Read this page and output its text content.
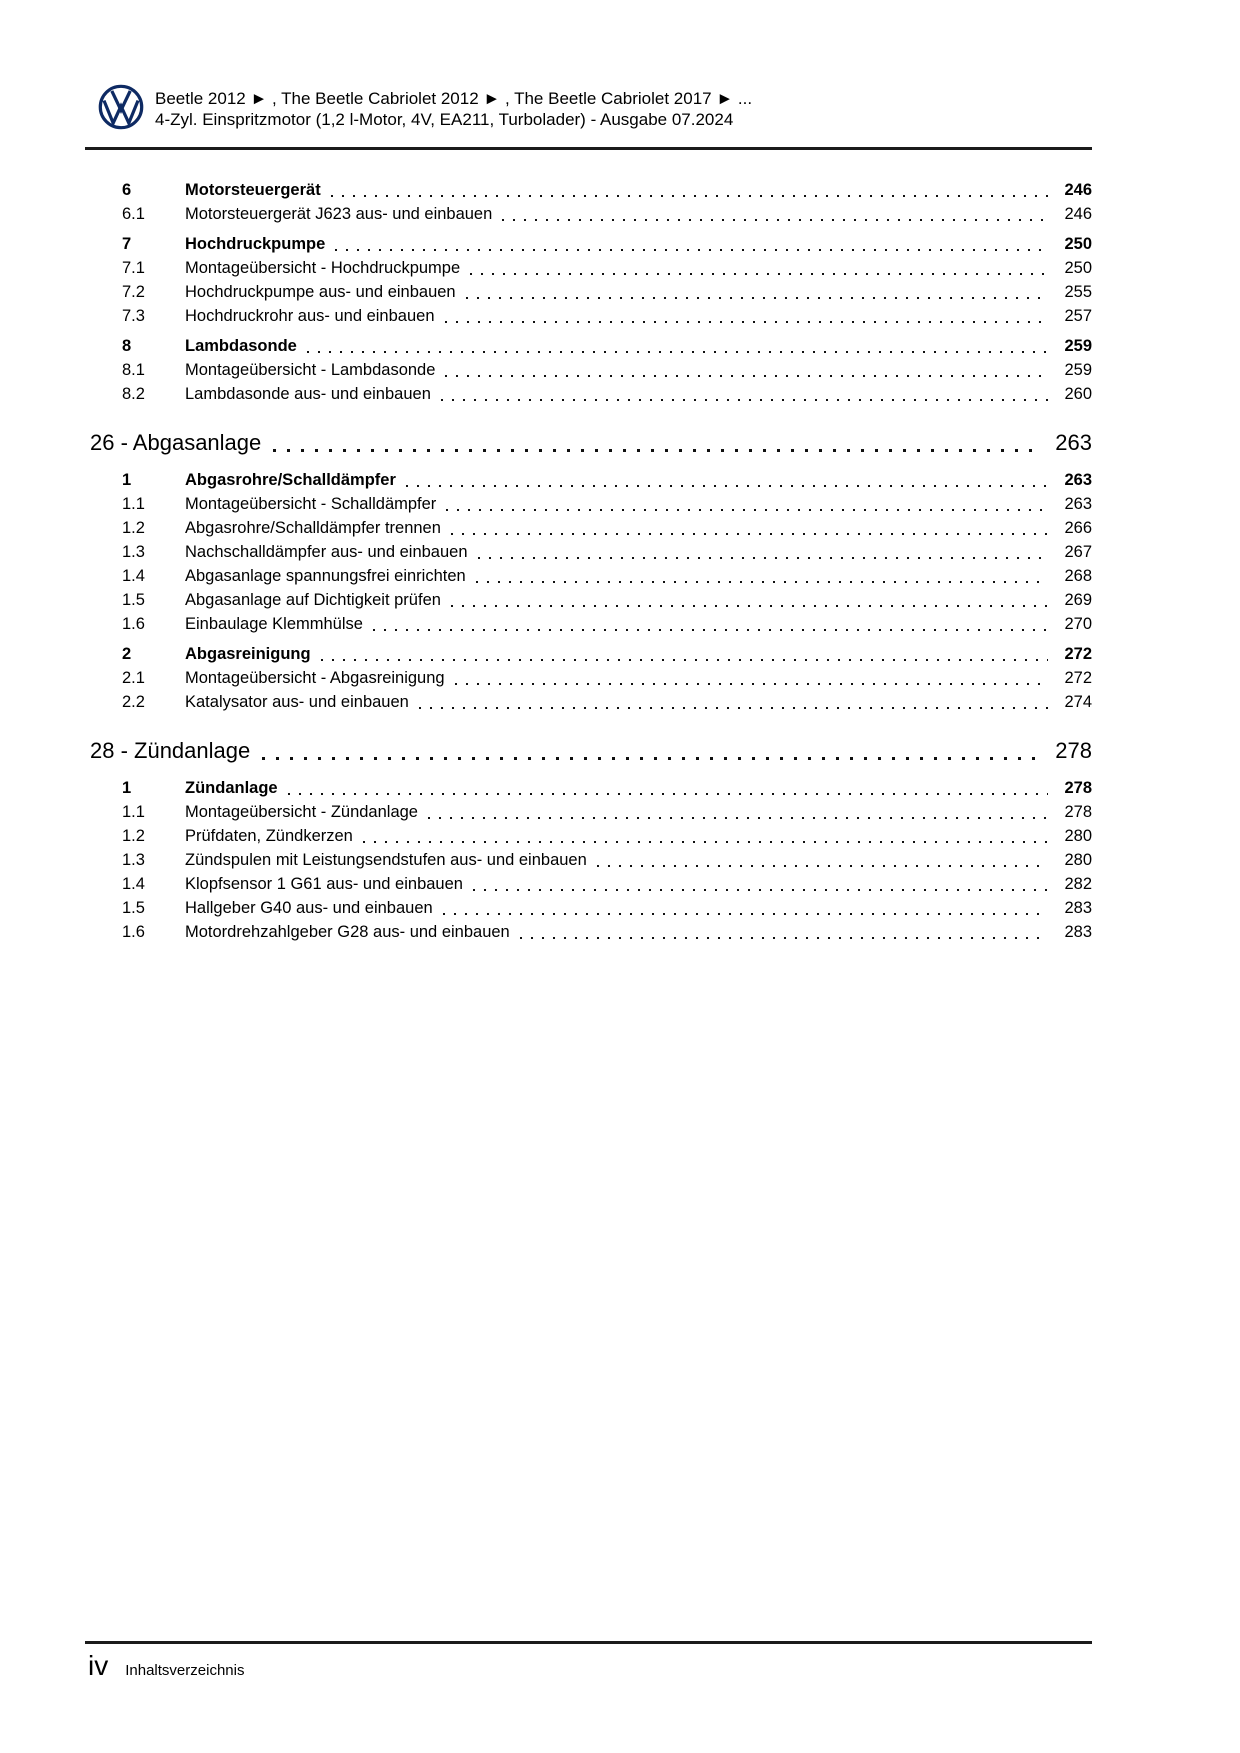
Beetle 2012 ► , The Beetle Cabriolet 2012 ► , The Beetle Cabriolet 2017 ► ...
4-Zyl. Einspritzmotor (1,2 l-Motor, 4V, EA211, Turbolader) - Ausgabe 07.2024
6	Motorsteuergerät	246
6.1	Motorsteuergerät J623 aus- und einbauen	246
7	Hochdruckpumpe	250
7.1	Montageübersicht - Hochdruckpumpe	250
7.2	Hochdruckpumpe aus- und einbauen	255
7.3	Hochdruckrohr aus- und einbauen	257
8	Lambdasonde	259
8.1	Montageübersicht - Lambdasonde	259
8.2	Lambdasonde aus- und einbauen	260
26 - Abgasanlage	263
1	Abgasrohre/Schalldämpfer	263
1.1	Montageübersicht - Schalldämpfer	263
1.2	Abgasrohre/Schalldämpfer trennen	266
1.3	Nachschalldämpfer aus- und einbauen	267
1.4	Abgasanlage spannungsfrei einrichten	268
1.5	Abgasanlage auf Dichtigkeit prüfen	269
1.6	Einbaulage Klemmhülse	270
2	Abgasreinigung	272
2.1	Montageübersicht - Abgasreinigung	272
2.2	Katalysator aus- und einbauen	274
28 - Zündanlage	278
1	Zündanlage	278
1.1	Montageübersicht - Zündanlage	278
1.2	Prüfdaten, Zündkerzen	280
1.3	Zündspulen mit Leistungsendstufen aus- und einbauen	280
1.4	Klopfsensor 1 G61 aus- und einbauen	282
1.5	Hallgeber G40 aus- und einbauen	283
1.6	Motordrehzahlgeber G28 aus- und einbauen	283
iv Inhaltsverzeichnis
